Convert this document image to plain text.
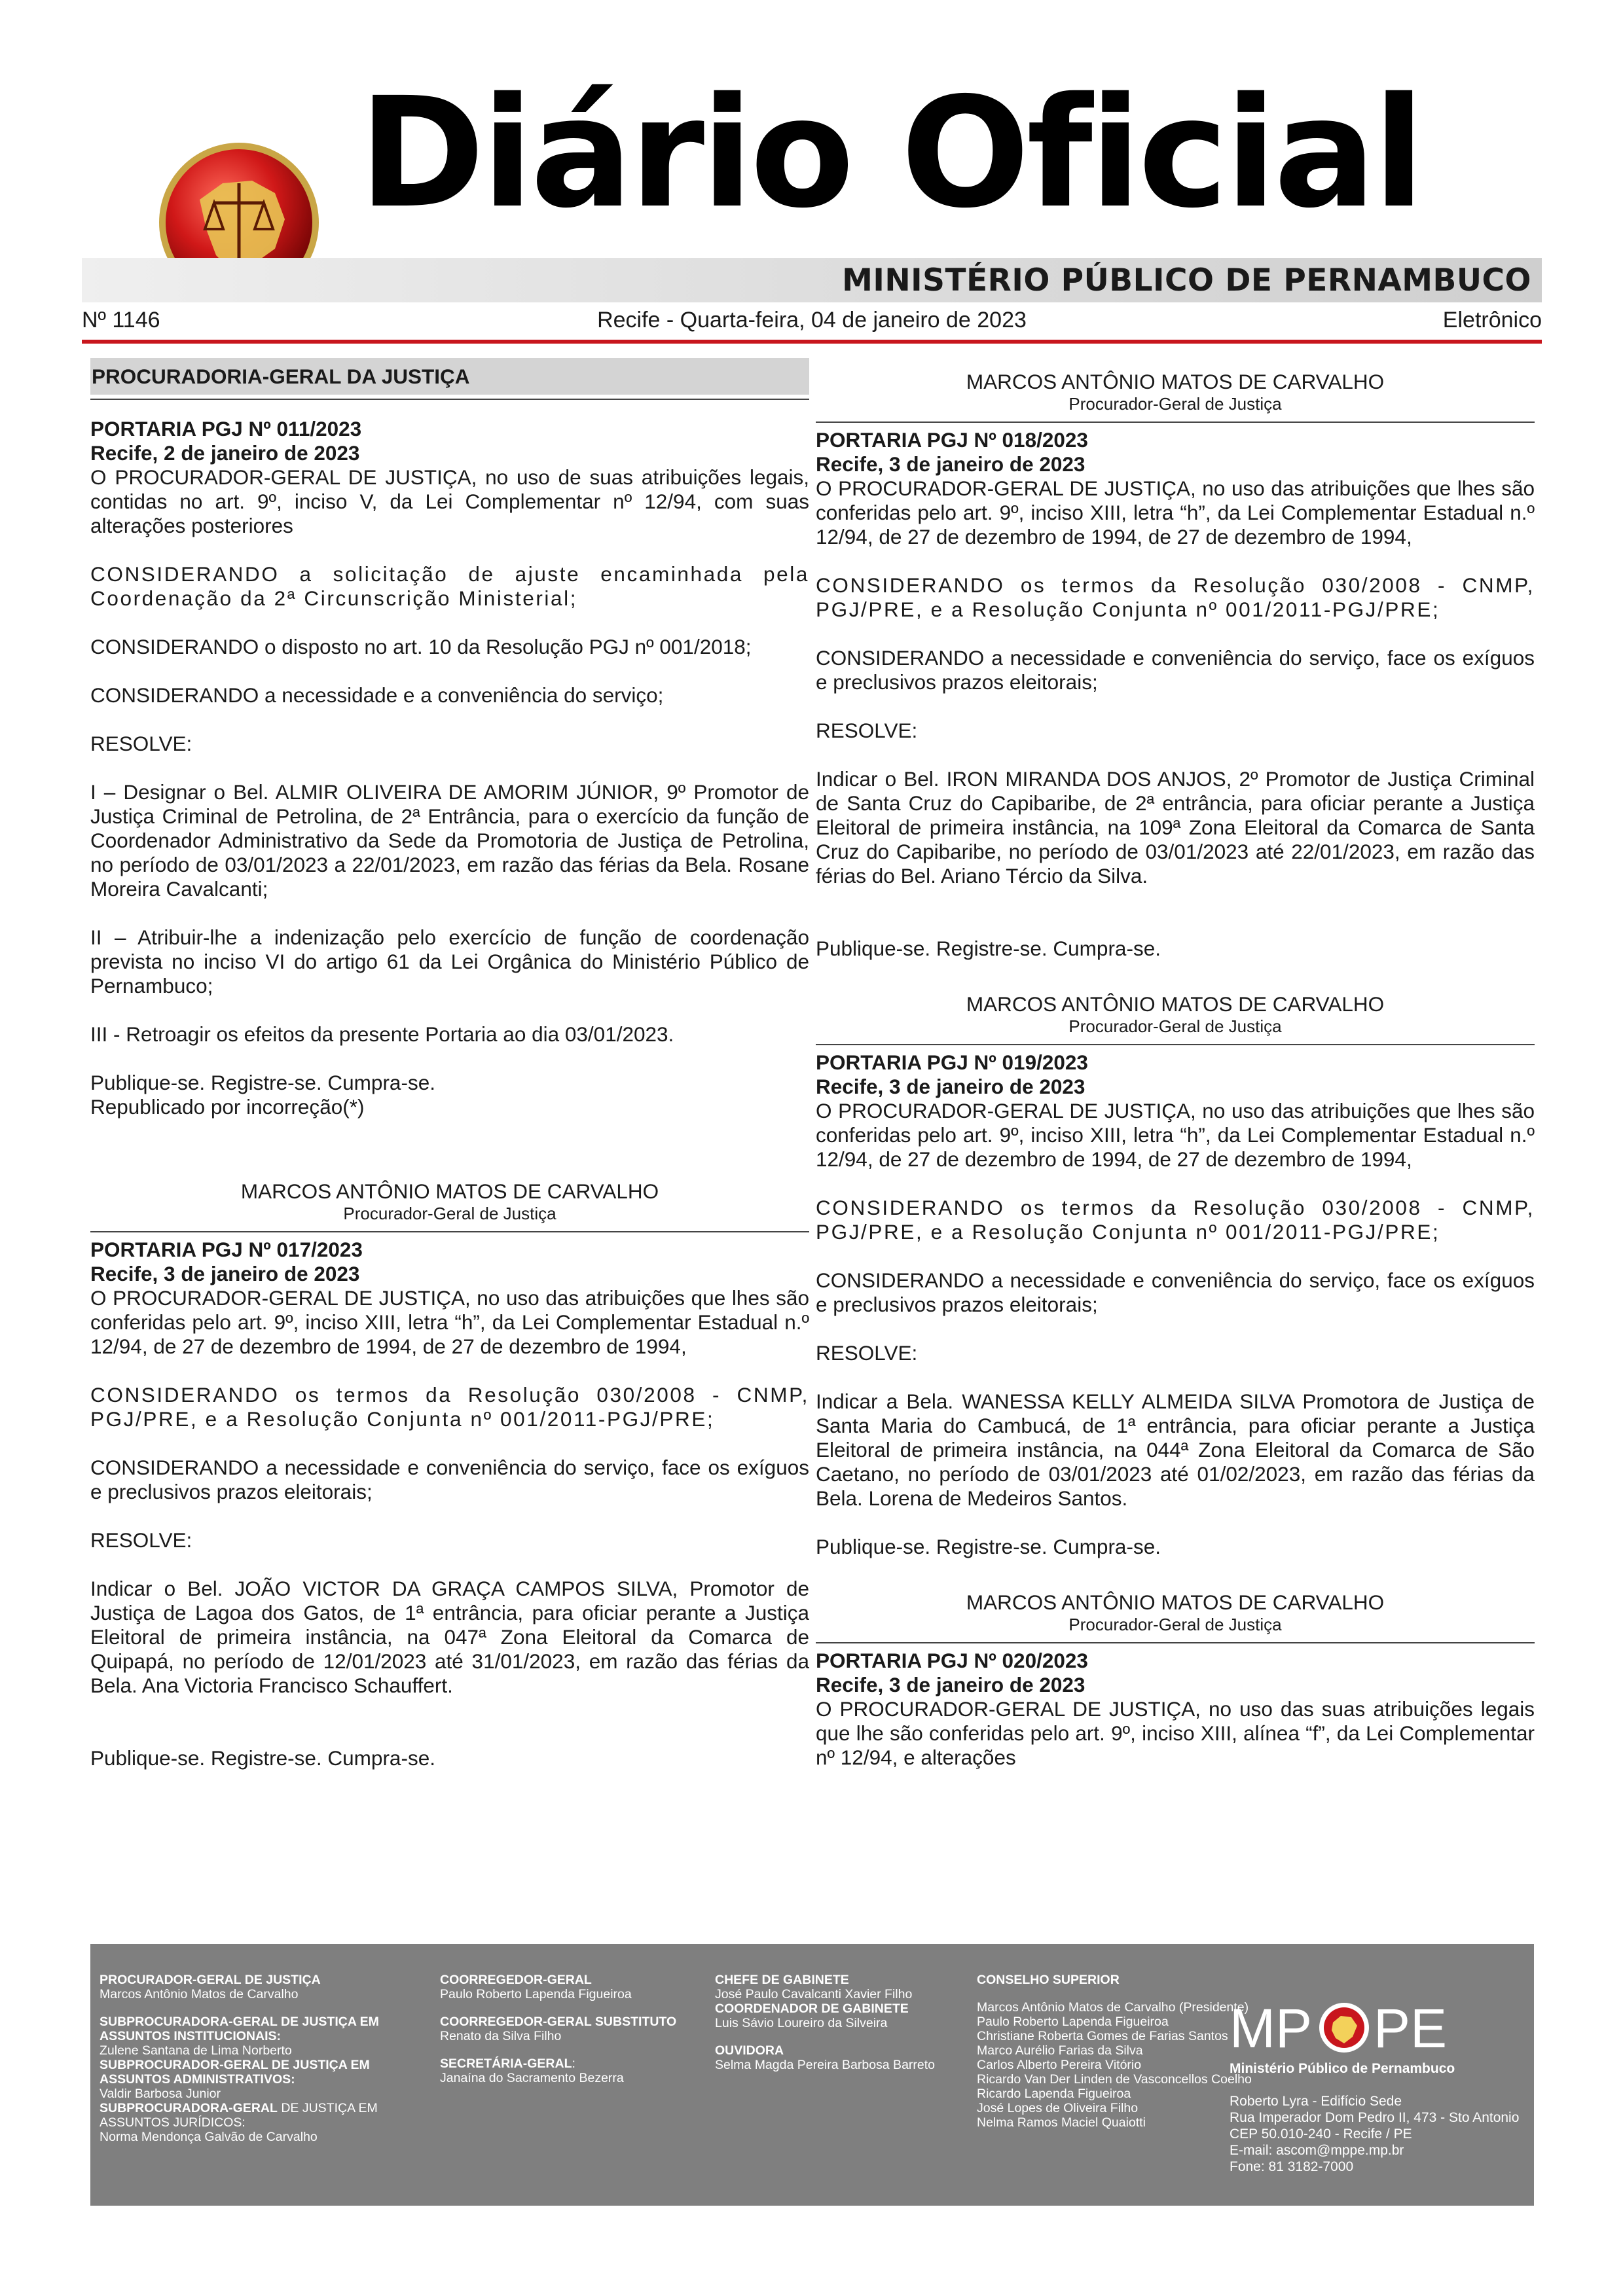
Diário Oficial
MINISTÉRIO PÚBLICO DE PERNAMBUCO
Nº 1146	Recife - Quarta-feira, 04 de janeiro de 2023	Eletrônico
PROCURADORIA-GERAL DA JUSTIÇA

PORTARIA PGJ Nº 011/2023

Recife, 2 de janeiro de 2023

O PROCURADOR-GERAL DE JUSTIÇA, no uso de suas atribuições legais, contidas no art. 9º, inciso V, da Lei Complementar nº 12/94, com suas alterações posteriores

CONSIDERANDO a solicitação de ajuste encaminhada pela Coordenação da 2ª Circunscrição Ministerial;

CONSIDERANDO o disposto no art. 10 da Resolução PGJ nº 001/2018;

CONSIDERANDO a necessidade e a conveniência do serviço;

RESOLVE:

I – Designar o Bel. ALMIR OLIVEIRA DE AMORIM JÚNIOR, 9º Promotor de Justiça Criminal de Petrolina, de 2ª Entrância, para o exercício da função de Coordenador Administrativo da Sede da Promotoria de Justiça de Petrolina, no período de 03/01/2023 a 22/01/2023, em razão das férias da Bela. Rosane Moreira Cavalcanti;

II – Atribuir-lhe a indenização pelo exercício de função de coordenação prevista no inciso VI do artigo 61 da Lei Orgânica do Ministério Público de Pernambuco;

III - Retroagir os efeitos da presente Portaria ao dia 03/01/2023.

Publique-se. Registre-se. Cumpra-se.

Republicado por incorreção(*)

MARCOS ANTÔNIO MATOS DE CARVALHO
Procurador-Geral de Justiça

PORTARIA PGJ Nº 017/2023

Recife, 3 de janeiro de 2023

O PROCURADOR-GERAL DE JUSTIÇA, no uso das atribuições que lhes são conferidas pelo art. 9º, inciso XIII, letra “h”, da Lei Complementar Estadual n.º 12/94, de 27 de dezembro de 1994, de 27 de dezembro de 1994,

CONSIDERANDO os termos da Resolução 030/2008 - CNMP, PGJ/PRE, e a Resolução Conjunta nº 001/2011-PGJ/PRE;

CONSIDERANDO a necessidade e conveniência do serviço, face os exíguos e preclusivos prazos eleitorais;

RESOLVE:

Indicar o Bel. JOÃO VICTOR DA GRAÇA CAMPOS SILVA, Promotor de Justiça de Lagoa dos Gatos, de 1ª entrância, para oficiar perante a Justiça Eleitoral de primeira instância, na 047ª Zona Eleitoral da Comarca de Quipapá, no período de 12/01/2023 até 31/01/2023, em razão das férias da Bela. Ana Victoria Francisco Schauffert.

Publique-se. Registre-se. Cumpra-se.

MARCOS ANTÔNIO MATOS DE CARVALHO
Procurador-Geral de Justiça

PORTARIA PGJ Nº 018/2023

Recife, 3 de janeiro de 2023

O PROCURADOR-GERAL DE JUSTIÇA, no uso das atribuições que lhes são conferidas pelo art. 9º, inciso XIII, letra “h”, da Lei Complementar Estadual n.º 12/94, de 27 de dezembro de 1994, de 27 de dezembro de 1994,

CONSIDERANDO os termos da Resolução 030/2008 - CNMP, PGJ/PRE, e a Resolução Conjunta nº 001/2011-PGJ/PRE;

CONSIDERANDO a necessidade e conveniência do serviço, face os exíguos e preclusivos prazos eleitorais;

RESOLVE:

Indicar o Bel. IRON MIRANDA DOS ANJOS, 2º Promotor de Justiça Criminal de Santa Cruz do Capibaribe, de 2ª entrância, para oficiar perante a Justiça Eleitoral de primeira instância, na 109ª Zona Eleitoral da Comarca de Santa Cruz do Capibaribe, no período de 03/01/2023 até 22/01/2023, em razão das férias do Bel. Ariano Tércio da Silva.

Publique-se. Registre-se. Cumpra-se.

MARCOS ANTÔNIO MATOS DE CARVALHO
Procurador-Geral de Justiça

PORTARIA PGJ Nº 019/2023

Recife, 3 de janeiro de 2023

O PROCURADOR-GERAL DE JUSTIÇA, no uso das atribuições que lhes são conferidas pelo art. 9º, inciso XIII, letra “h”, da Lei Complementar Estadual n.º 12/94, de 27 de dezembro de 1994, de 27 de dezembro de 1994,

CONSIDERANDO os termos da Resolução 030/2008 - CNMP, PGJ/PRE, e a Resolução Conjunta nº 001/2011-PGJ/PRE;

CONSIDERANDO a necessidade e conveniência do serviço, face os exíguos e preclusivos prazos eleitorais;

RESOLVE:

Indicar a Bela. WANESSA KELLY ALMEIDA SILVA Promotora de Justiça de Santa Maria do Cambucá, de 1ª entrância, para oficiar perante a Justiça Eleitoral de primeira instância, na 044ª Zona Eleitoral da Comarca de São Caetano, no período de 03/01/2023 até 01/02/2023, em razão das férias da Bela. Lorena de Medeiros Santos.

Publique-se. Registre-se. Cumpra-se.

MARCOS ANTÔNIO MATOS DE CARVALHO
Procurador-Geral de Justiça

PORTARIA PGJ Nº 020/2023

Recife, 3 de janeiro de 2023

O PROCURADOR-GERAL DE JUSTIÇA, no uso das suas atribuições legais que lhe são conferidas pelo art. 9º, inciso XIII, alínea “f”, da Lei Complementar nº 12/94, e alterações

PROCURADOR-GERAL DE JUSTIÇA

Marcos Antônio Matos de Carvalho

SUBPROCURADORA-GERAL DE JUSTIÇA EM ASSUNTOS INSTITUCIONAIS:

Zulene Santana de Lima Norberto

SUBPROCURADOR-GERAL DE JUSTIÇA EM ASSUNTOS ADMINISTRATIVOS:

Valdir Barbosa Junior

SUBPROCURADORA-GERAL DE JUSTIÇA EM ASSUNTOS JURÍDICOS:

Norma Mendonça Galvão de Carvalho

COORREGEDOR-GERAL

Paulo Roberto Lapenda Figueiroa

COORREGEDOR-GERAL SUBSTITUTO

Renato da Silva Filho

SECRETÁRIA-GERAL:

Janaína do Sacramento Bezerra

CHEFE DE GABINETE

José Paulo Cavalcanti Xavier Filho

COORDENADOR DE GABINETE

Luis Sávio Loureiro da Silveira

OUVIDORA

Selma Magda Pereira Barbosa Barreto

CONSELHO SUPERIOR

Marcos Antônio Matos de Carvalho (Presidente)

Paulo Roberto Lapenda Figueiroa

Christiane Roberta Gomes de Farias Santos

Marco Aurélio Farias da Silva

Carlos Alberto Pereira Vitório

Ricardo Van Der Linden de Vasconcellos Coelho

Ricardo Lapenda Figueiroa

José Lopes de Oliveira Filho

Nelma Ramos Maciel Quaiotti

MP PE
Ministério Público de Pernambuco

Roberto Lyra - Edifício Sede

Rua Imperador Dom Pedro II, 473 - Sto Antonio

CEP 50.010-240 - Recife / PE

E-mail: ascom@mppe.mp.br

Fone: 81 3182-7000
